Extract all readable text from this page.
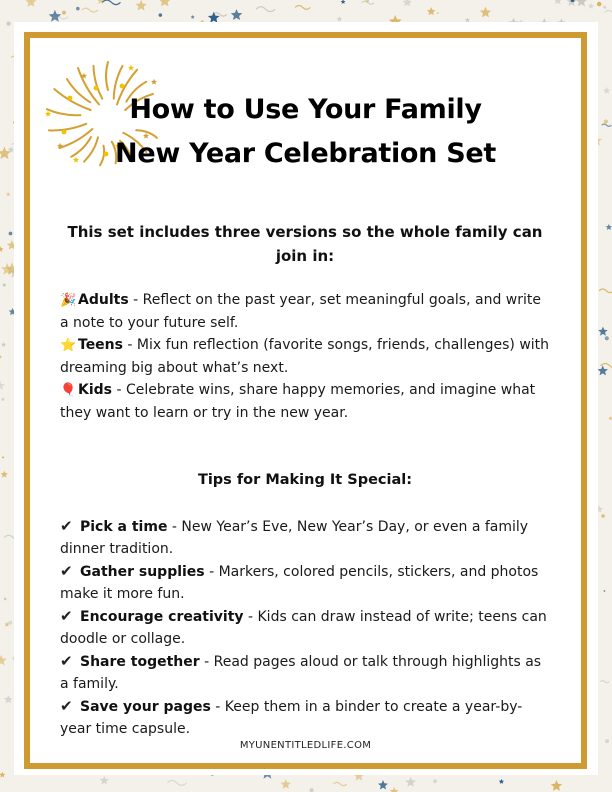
How to Use Your Family
New Year Celebration Set
This set includes three versions so the whole family can join in:

🎉 Adults - Reflect on the past year, set meaningful goals, and write a note to your future self.

⭐ Teens - Mix fun reflection (favorite songs, friends, challenges) with dreaming big about what’s next.

🎈 Kids - Celebrate wins, share happy memories, and imagine what they want to learn or try in the new year.

Tips for Making It Special:

✔ Pick a time - New Year’s Eve, New Year’s Day, or even a family dinner tradition.

✔ Gather supplies - Markers, colored pencils, stickers, and photos make it more fun.

✔ Encourage creativity - Kids can draw instead of write; teens can doodle or collage.

✔ Share together - Read pages aloud or talk through highlights as a family.

✔ Save your pages - Keep them in a binder to create a year-by-year time capsule.

MYUNENTITLEDLIFE.COM
